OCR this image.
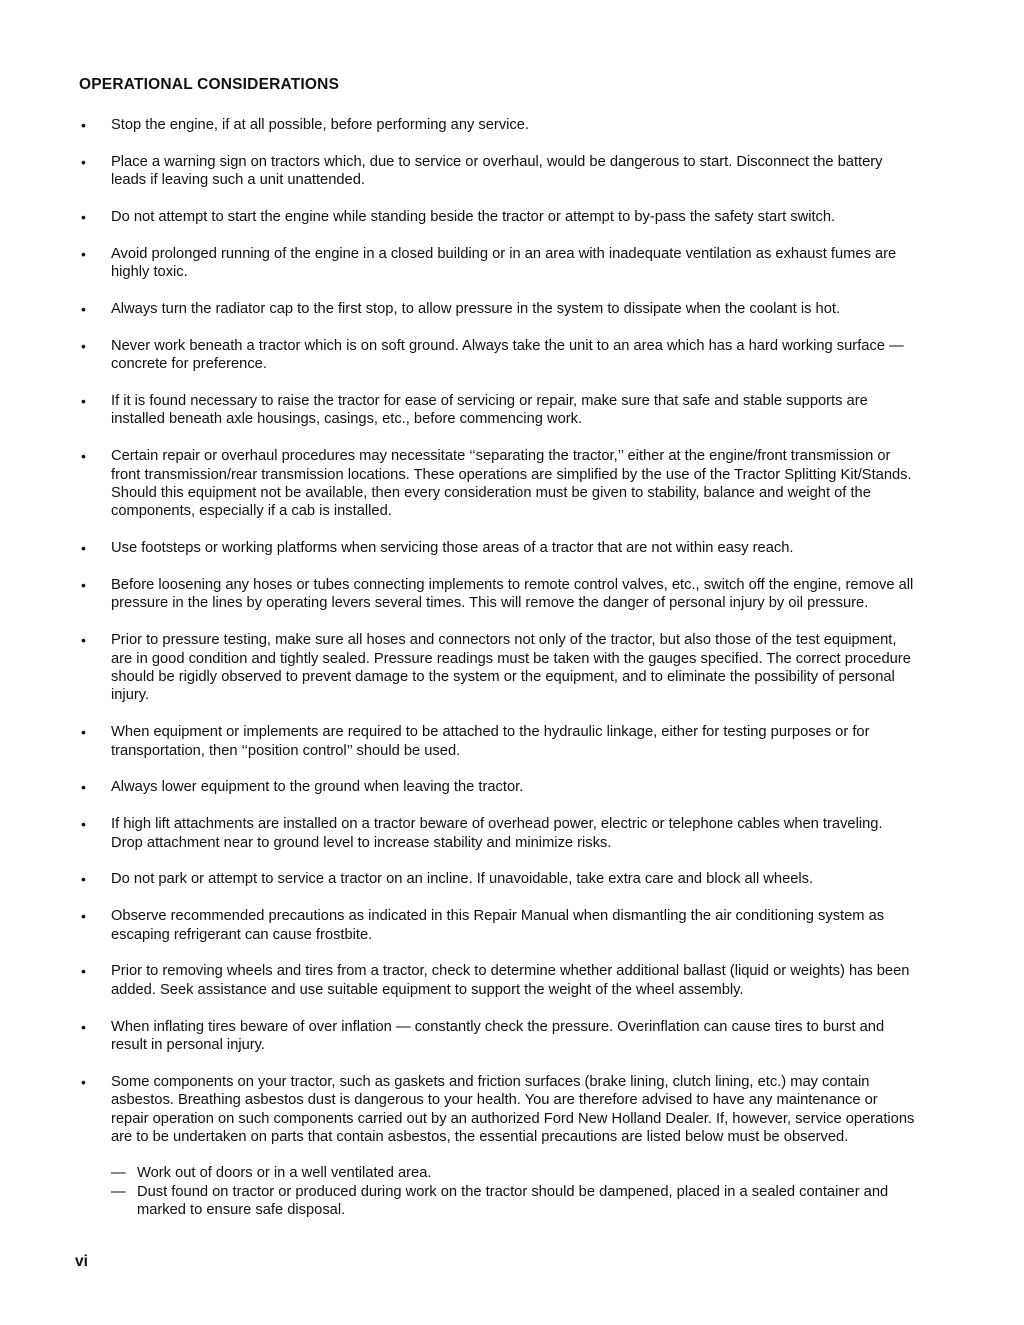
OPERATIONAL CONSIDERATIONS
• Stop the engine, if at all possible, before performing any service.
• Place a warning sign on tractors which, due to service or overhaul, would be dangerous to start. Disconnect the battery leads if leaving such a unit unattended.
• Do not attempt to start the engine while standing beside the tractor or attempt to by-pass the safety start switch.
• Avoid prolonged running of the engine in a closed building or in an area with inadequate ventilation as exhaust fumes are highly toxic.
• Always turn the radiator cap to the first stop, to allow pressure in the system to dissipate when the coolant is hot.
• Never work beneath a tractor which is on soft ground. Always take the unit to an area which has a hard working surface — concrete for preference.
• If it is found necessary to raise the tractor for ease of servicing or repair, make sure that safe and stable supports are installed beneath axle housings, casings, etc., before commencing work.
• Certain repair or overhaul procedures may necessitate ‘‘separating the tractor,’’ either at the engine/front transmission or front transmission/rear transmission locations. These operations are simplified by the use of the Tractor Splitting Kit/Stands. Should this equipment not be available, then every consideration must be given to stability, balance and weight of the components, especially if a cab is installed.
• Use footsteps or working platforms when servicing those areas of a tractor that are not within easy reach.
• Before loosening any hoses or tubes connecting implements to remote control valves, etc., switch off the engine, remove all pressure in the lines by operating levers several times. This will remove the danger of personal injury by oil pressure.
• Prior to pressure testing, make sure all hoses and connectors not only of the tractor, but also those of the test equipment, are in good condition and tightly sealed. Pressure readings must be taken with the gauges specified. The correct procedure should be rigidly observed to prevent damage to the system or the equipment, and to eliminate the possibility of personal injury.
• When equipment or implements are required to be attached to the hydraulic linkage, either for testing purposes or for transportation, then ‘‘position control’’ should be used.
• Always lower equipment to the ground when leaving the tractor.
• If high lift attachments are installed on a tractor beware of overhead power, electric or telephone cables when traveling. Drop attachment near to ground level to increase stability and minimize risks.
• Do not park or attempt to service a tractor on an incline. If unavoidable, take extra care and block all wheels.
• Observe recommended precautions as indicated in this Repair Manual when dismantling the air conditioning system as escaping refrigerant can cause frostbite.
• Prior to removing wheels and tires from a tractor, check to determine whether additional ballast (liquid or weights) has been added. Seek assistance and use suitable equipment to support the weight of the wheel assembly.
• When inflating tires beware of over inflation — constantly check the pressure. Overinflation can cause tires to burst and result in personal injury.
• Some components on your tractor, such as gaskets and friction surfaces (brake lining, clutch lining, etc.) may contain asbestos. Breathing asbestos dust is dangerous to your health. You are therefore advised to have any maintenance or repair operation on such components carried out by an authorized Ford New Holland Dealer. If, however, service operations are to be undertaken on parts that contain asbestos, the essential precautions are listed below must be observed.
— Work out of doors or in a well ventilated area.
— Dust found on tractor or produced during work on the tractor should be dampened, placed in a sealed container and marked to ensure safe disposal.

vi
